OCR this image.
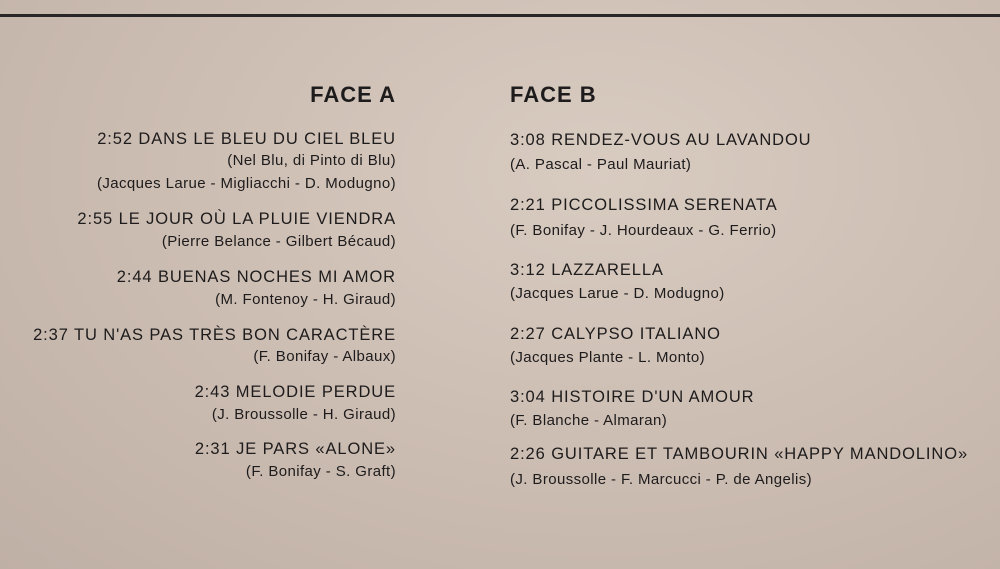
FACE A	FACE B
2:52 DANS LE BLEU DU CIEL BLEU
(Nel Blu, di Pinto di Blu)
(Jacques Larue - Migliacchi - D. Modugno)
2:55 LE JOUR OÙ LA PLUIE VIENDRA
(Pierre Belance - Gilbert Bécaud)
2:44 BUENAS NOCHES MI AMOR
(M. Fontenoy - H. Giraud)
2:37 TU N'AS PAS TRÈS BON CARACTÈRE
(F. Bonifay - Albaux)
2:43 MELODIE PERDUE
(J. Broussolle - H. Giraud)
2:31 JE PARS «ALONE»
(F. Bonifay - S. Graft)
3:08 RENDEZ-VOUS AU LAVANDOU
(A. Pascal - Paul Mauriat)
2:21 PICCOLISSIMA SERENATA
(F. Bonifay - J. Hourdeaux - G. Ferrio)
3:12 LAZZARELLA
(Jacques Larue - D. Modugno)
2:27 CALYPSO ITALIANO
(Jacques Plante - L. Monto)
3:04 HISTOIRE D'UN AMOUR
(F. Blanche - Almaran)
2:26 GUITARE ET TAMBOURIN «HAPPY MANDOLINO»
(J. Broussolle - F. Marcucci - P. de Angelis)
